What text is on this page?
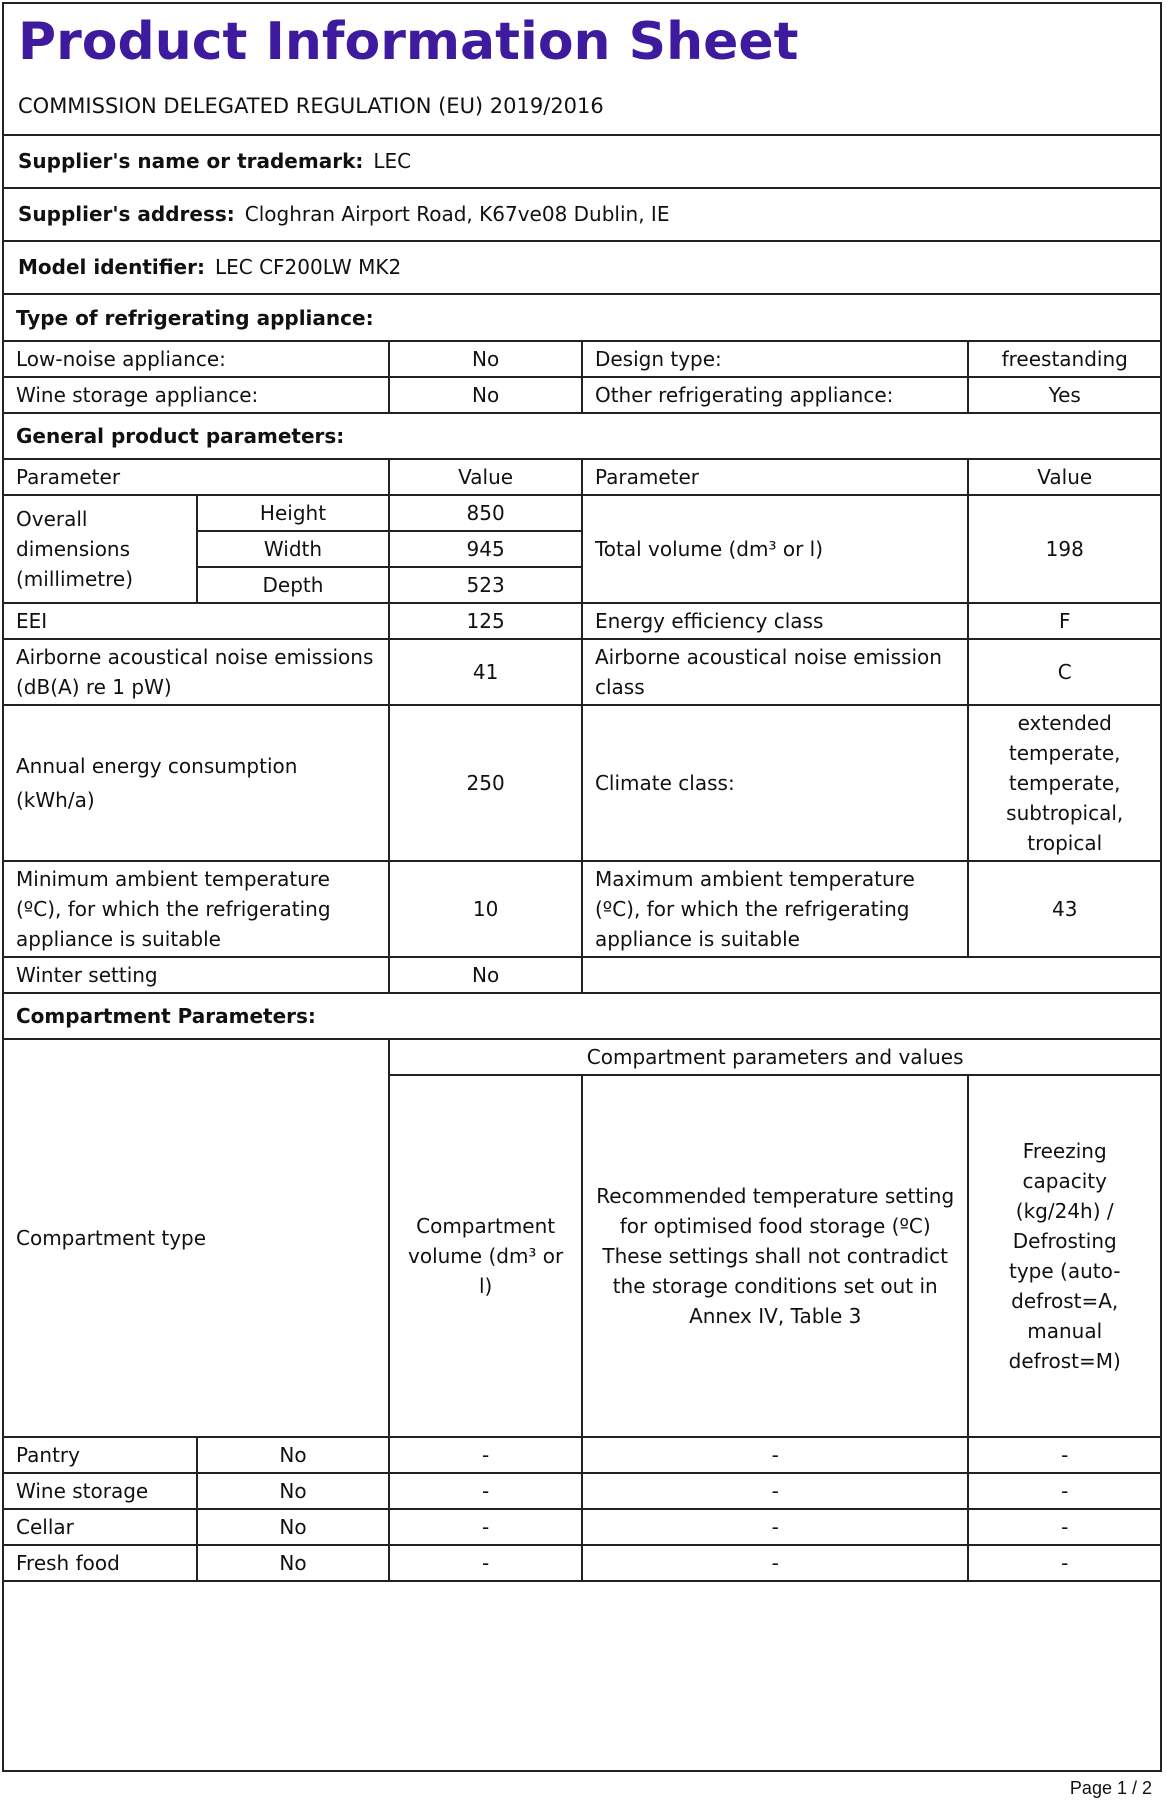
Product Information Sheet
COMMISSION DELEGATED REGULATION (EU) 2019/2016
Supplier's name or trademark: LEC
Supplier's address: Cloghran Airport Road, K67ve08 Dublin, IE
Model identifier: LEC CF200LW MK2
Type of refrigerating appliance:				
Low-noise appliance:		No	Design type:	freestanding
Wine storage appliance:		No	Other refrigerating appliance:	Yes
General product parameters:				
Parameter		Value	Parameter	Value
Overall dimensions (millimetre)	Height	850	Total volume (dm³ or l)	198
	Width	945		
	Depth	523		
EEI		125	Energy efficiency class	F
Airborne acoustical noise emissions (dB(A) re 1 pW)		41	Airborne acoustical noise emission class	C
Annual energy consumption (kWh/a)		250	Climate class:	extended temperate, temperate, subtropical, tropical
Minimum ambient temperature (ºC), for which the refrigerating appliance is suitable		10	Maximum ambient temperature (ºC), for which the refrigerating appliance is suitable	43
Winter setting		No		
Compartment Parameters:				
Compartment type		Compartment parameters and values		
		Compartment volume (dm³ or l)	Recommended temperature setting for optimised food storage (ºC) These settings shall not contradict the storage conditions set out in Annex IV, Table 3	Freezing capacity (kg/24h) / Defrosting type (auto-defrost=A, manual defrost=M)
Pantry	No	-	-	-
Wine storage	No	-	-	-
Cellar	No	-	-	-
Fresh food	No	-	-	-
Page 1 / 2
